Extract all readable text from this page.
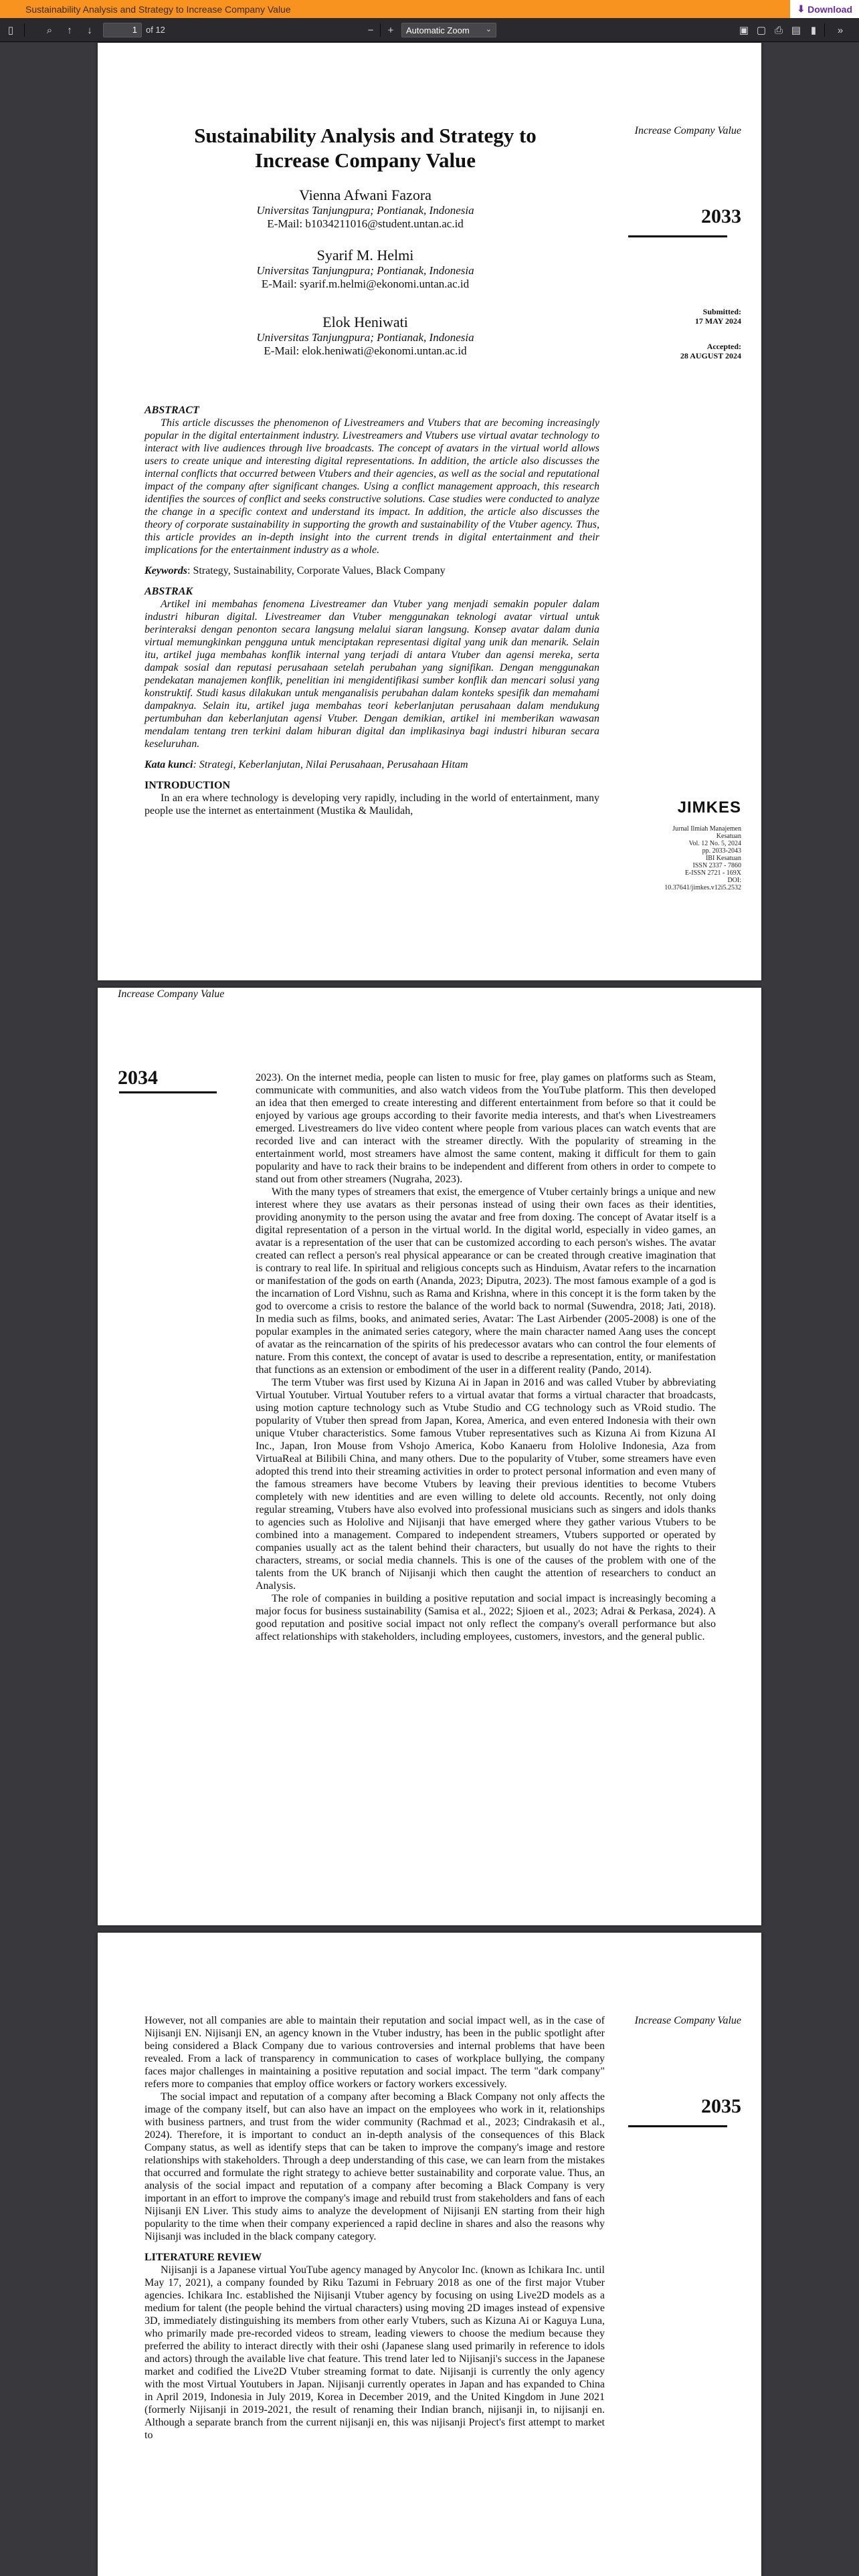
Sustainability Analysis and Strategy to Increase Company Value	⬇ Download
▯	⌕	↑	↓	1	of 12	−	+	Automatic Zoom ⌄	▣ ▢ ⎙ ▤ ▮	»
Sustainability Analysis and Strategy to Increase Company Value
Vienna Afwani Fazora
Universitas Tanjungpura; Pontianak, Indonesia
E-Mail: b1034211016@student.untan.ac.id
Syarif M. Helmi
Universitas Tanjungpura; Pontianak, Indonesia
E-Mail: syarif.m.helmi@ekonomi.untan.ac.id
Elok Heniwati
Universitas Tanjungpura; Pontianak, Indonesia
E-Mail: elok.heniwati@ekonomi.untan.ac.id
Increase Company Value
2033
Submitted:
17 MAY 2024
Accepted:
28 AUGUST 2024
ABSTRACT

This article discusses the phenomenon of Livestreamers and Vtubers that are becoming increasingly popular in the digital entertainment industry. Livestreamers and Vtubers use virtual avatar technology to interact with live audiences through live broadcasts. The concept of avatars in the virtual world allows users to create unique and interesting digital representations. In addition, the article also discusses the internal conflicts that occurred between Vtubers and their agencies, as well as the social and reputational impact of the company after significant changes. Using a conflict management approach, this research identifies the sources of conflict and seeks constructive solutions. Case studies were conducted to analyze the change in a specific context and understand its impact. In addition, the article also discusses the theory of corporate sustainability in supporting the growth and sustainability of the Vtuber agency. Thus, this article provides an in-depth insight into the current trends in digital entertainment and their implications for the entertainment industry as a whole.

Keywords: Strategy, Sustainability, Corporate Values, Black Company

ABSTRAK

Artikel ini membahas fenomena Livestreamer dan Vtuber yang menjadi semakin populer dalam industri hiburan digital. Livestreamer dan Vtuber menggunakan teknologi avatar virtual untuk berinteraksi dengan penonton secara langsung melalui siaran langsung. Konsep avatar dalam dunia virtual memungkinkan pengguna untuk menciptakan representasi digital yang unik dan menarik. Selain itu, artikel juga membahas konflik internal yang terjadi di antara Vtuber dan agensi mereka, serta dampak sosial dan reputasi perusahaan setelah perubahan yang signifikan. Dengan menggunakan pendekatan manajemen konflik, penelitian ini mengidentifikasi sumber konflik dan mencari solusi yang konstruktif. Studi kasus dilakukan untuk menganalisis perubahan dalam konteks spesifik dan memahami dampaknya. Selain itu, artikel juga membahas teori keberlanjutan perusahaan dalam mendukung pertumbuhan dan keberlanjutan agensi Vtuber. Dengan demikian, artikel ini memberikan wawasan mendalam tentang tren terkini dalam hiburan digital dan implikasinya bagi industri hiburan secara keseluruhan.

Kata kunci: Strategi, Keberlanjutan, Nilai Perusahaan, Perusahaan Hitam

INTRODUCTION

In an era where technology is developing very rapidly, including in the world of entertainment, many people use the internet as entertainment (Mustika & Maulidah,	JIMKES
Jurnal Ilmiah Manajemen
Kesatuan
Vol. 12 No. 5, 2024
pp. 2033-2043
IBI Kesatuan
ISSN 2337 - 7860
E-ISSN 2721 - 169X
DOI:
10.37641/jimkes.v12i5.2532
Increase Company Value
2034	2023). On the internet media, people can listen to music for free, play games on platforms such as Steam, communicate with communities, and also watch videos from the YouTube platform. This then developed an idea that then emerged to create interesting and different entertainment from before so that it could be enjoyed by various age groups according to their favorite media interests, and that's when Livestreamers emerged. Livestreamers do live video content where people from various places can watch events that are recorded live and can interact with the streamer directly. With the popularity of streaming in the entertainment world, most streamers have almost the same content, making it difficult for them to gain popularity and have to rack their brains to be independent and different from others in order to compete to stand out from other streamers (Nugraha, 2023).

With the many types of streamers that exist, the emergence of Vtuber certainly brings a unique and new interest where they use avatars as their personas instead of using their own faces as their identities, providing anonymity to the person using the avatar and free from doxing. The concept of Avatar itself is a digital representation of a person in the virtual world. In the digital world, especially in video games, an avatar is a representation of the user that can be customized according to each person's wishes. The avatar created can reflect a person's real physical appearance or can be created through creative imagination that is contrary to real life. In spiritual and religious concepts such as Hinduism, Avatar refers to the incarnation or manifestation of the gods on earth (Ananda, 2023; Diputra, 2023). The most famous example of a god is the incarnation of Lord Vishnu, such as Rama and Krishna, where in this concept it is the form taken by the god to overcome a crisis to restore the balance of the world back to normal (Suwendra, 2018; Jati, 2018). In media such as films, books, and animated series, Avatar: The Last Airbender (2005-2008) is one of the popular examples in the animated series category, where the main character named Aang uses the concept of avatar as the reincarnation of the spirits of his predecessor avatars who can control the four elements of nature. From this context, the concept of avatar is used to describe a representation, entity, or manifestation that functions as an extension or embodiment of the user in a different reality (Pando, 2014).

The term Vtuber was first used by Kizuna Ai in Japan in 2016 and was called Vtuber by abbreviating Virtual Youtuber. Virtual Youtuber refers to a virtual avatar that forms a virtual character that broadcasts, using motion capture technology such as Vtube Studio and CG technology such as VRoid studio. The popularity of Vtuber then spread from Japan, Korea, America, and even entered Indonesia with their own unique Vtuber characteristics. Some famous Vtuber representatives such as Kizuna Ai from Kizuna AI Inc., Japan, Iron Mouse from Vshojo America, Kobo Kanaeru from Hololive Indonesia, Aza from VirtuaReal at Bilibili China, and many others. Due to the popularity of Vtuber, some streamers have even adopted this trend into their streaming activities in order to protect personal information and even many of the famous streamers have become Vtubers by leaving their previous identities to become Vtubers completely with new identities and are even willing to delete old accounts. Recently, not only doing regular streaming, Vtubers have also evolved into professional musicians such as singers and idols thanks to agencies such as Hololive and Nijisanji that have emerged where they gather various Vtubers to be combined into a management. Compared to independent streamers, Vtubers supported or operated by companies usually act as the talent behind their characters, but usually do not have the rights to their characters, streams, or social media channels. This is one of the causes of the problem with one of the talents from the UK branch of Nijisanji which then caught the attention of researchers to conduct an Analysis.

The role of companies in building a positive reputation and social impact is increasingly becoming a major focus for business sustainability (Samisa et al., 2022; Sjioen et al., 2023; Adrai & Perkasa, 2024). A good reputation and positive social impact not only reflect the company's overall performance but also affect relationships with stakeholders, including employees, customers, investors, and the general public.

Increase Company Value
2035

However, not all companies are able to maintain their reputation and social impact well, as in the case of Nijisanji EN. Nijisanji EN, an agency known in the Vtuber industry, has been in the public spotlight after being considered a Black Company due to various controversies and internal problems that have been revealed. From a lack of transparency in communication to cases of workplace bullying, the company faces major challenges in maintaining a positive reputation and social impact. The term "dark company" refers more to companies that employ office workers or factory workers excessively.

The social impact and reputation of a company after becoming a Black Company not only affects the image of the company itself, but can also have an impact on the employees who work in it, relationships with business partners, and trust from the wider community (Rachmad et al., 2023; Cindrakasih et al., 2024). Therefore, it is important to conduct an in-depth analysis of the consequences of this Black Company status, as well as identify steps that can be taken to improve the company's image and restore relationships with stakeholders. Through a deep understanding of this case, we can learn from the mistakes that occurred and formulate the right strategy to achieve better sustainability and corporate value. Thus, an analysis of the social impact and reputation of a company after becoming a Black Company is very important in an effort to improve the company's image and rebuild trust from stakeholders and fans of each Nijisanji EN Liver. This study aims to analyze the development of Nijisanji EN starting from their high popularity to the time when their company experienced a rapid decline in shares and also the reasons why Nijisanji was included in the black company category.

LITERATURE REVIEW

Nijisanji is a Japanese virtual YouTube agency managed by Anycolor Inc. (known as Ichikara Inc. until May 17, 2021), a company founded by Riku Tazumi in February 2018 as one of the first major Vtuber agencies. Ichikara Inc. established the Nijisanji Vtuber agency by focusing on using Live2D models as a medium for talent (the people behind the virtual characters) using moving 2D images instead of expensive 3D, immediately distinguishing its members from other early Vtubers, such as Kizuna Ai or Kaguya Luna, who primarily made pre-recorded videos to stream, leading viewers to choose the medium because they preferred the ability to interact directly with their oshi (Japanese slang used primarily in reference to idols and actors) through the available live chat feature. This trend later led to Nijisanji's success in the Japanese market and codified the Live2D Vtuber streaming format to date. Nijisanji is currently the only agency with the most Virtual Youtubers in Japan. Nijisanji currently operates in Japan and has expanded to China in April 2019, Indonesia in July 2019, Korea in December 2019, and the United Kingdom in June 2021 (formerly Nijisanji in 2019-2021, the result of renaming their Indian branch, nijisanji in, to nijisanji en. Although a separate branch from the current nijisanji en, this was nijisanji Project's first attempt to market to
